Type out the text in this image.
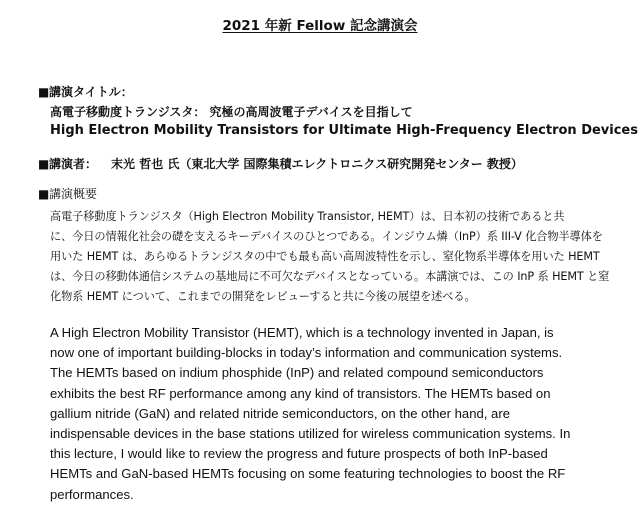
2021 年新 Fellow 記念講演会
■講演タイトル：
高電子移動度トランジスタ： 究極の高周波電子デバイスを目指して
High Electron Mobility Transistors for Ultimate High-Frequency Electron Devices
■講演者： 末光 哲也 氏（東北大学 国際集積エレクトロニクス研究開発センター 教授）
■講演概要
高電子移動度トランジスタ（High Electron Mobility Transistor, HEMT）は、日本初の技術であると共
に、今日の情報化社会の礎を支えるキーデバイスのひとつである。インジウム燐（InP）系 III-V 化合物半導体を
用いた HEMT は、あらゆるトランジスタの中でも最も高い高周波特性を示し、窒化物系半導体を用いた HEMT
は、今日の移動体通信システムの基地局に不可欠なデバイスとなっている。本講演では、この InP 系 HEMT と窒
化物系 HEMT について、これまでの開発をレビューすると共に今後の展望を述べる。
A High Electron Mobility Transistor (HEMT), which is a technology invented in Japan, is
now one of important building-blocks in today’s information and communication systems.
The HEMTs based on indium phosphide (InP) and related compound semiconductors
exhibits the best RF performance among any kind of transistors. The HEMTs based on
gallium nitride (GaN) and related nitride semiconductors, on the other hand, are
indispensable devices in the base stations utilized for wireless communication systems. In
this lecture, I would like to review the progress and future prospects of both InP-based
HEMTs and GaN-based HEMTs focusing on some featuring technologies to boost the RF
performances.
